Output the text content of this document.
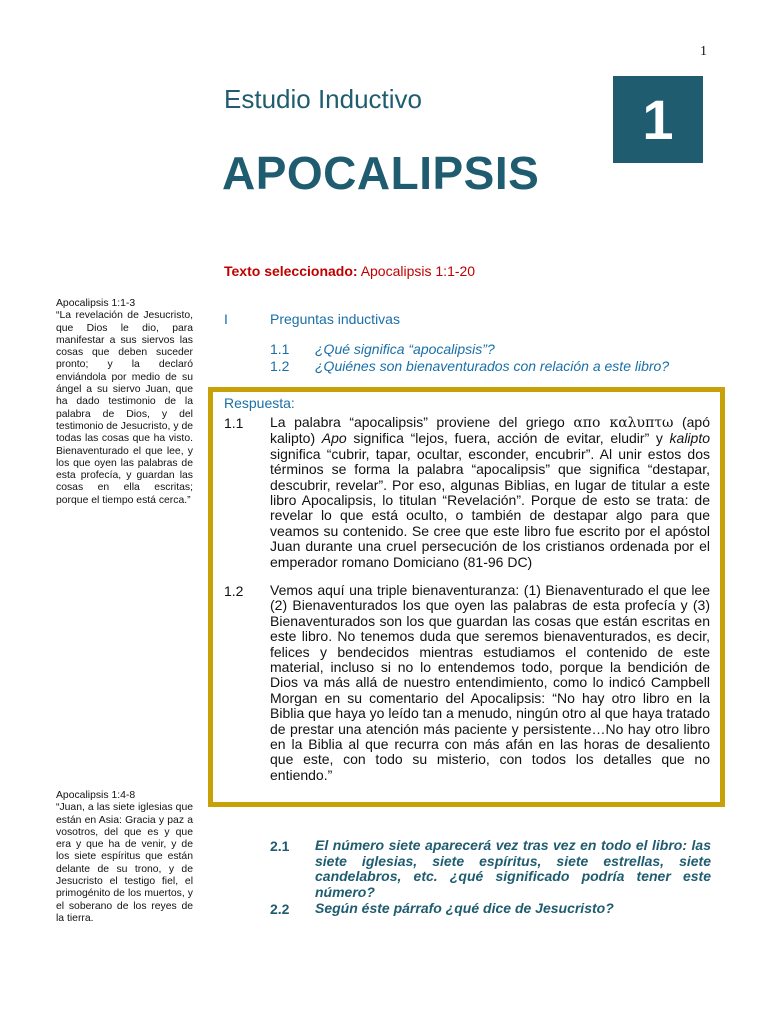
1
Estudio Inductivo
APOCALIPSIS
1
Texto seleccionado: Apocalipsis 1:1-20
Apocalipsis 1:1-3
“La revelación de Jesucristo, que Dios le dio, para manifestar a sus siervos las cosas que deben suceder pronto; y la declaró enviándola por medio de su ángel a su siervo Juan, que ha dado testimonio de la palabra de Dios, y del testimonio de Jesucristo, y de todas las cosas que ha visto. Bienaventurado el que lee, y los que oyen las palabras de esta profecía, y guardan las cosas en ella escritas; porque el tiempo está cerca.”
Apocalipsis 1:4-8
“Juan, a las siete iglesias que están en Asia: Gracia y paz a vosotros, del que es y que era y que ha de venir, y de los siete espíritus que están delante de su trono, y de Jesucristo el testigo fiel, el primogénito de los muertos, y el soberano de los reyes de la tierra.
I	Preguntas inductivas
1.1 ¿Qué significa “apocalipsis”?
1.2 ¿Quiénes son bienaventurados con relación a este libro?
Respuesta:
1.1 La palabra “apocalipsis” proviene del griego απο καλυπτω (apó kalipto) Apo significa “lejos, fuera, acción de evitar, eludir” y kalipto significa “cubrir, tapar, ocultar, esconder, encubrir”. Al unir estos dos términos se forma la palabra “apocalipsis” que significa “destapar, descubrir, revelar”. Por eso, algunas Biblias, en lugar de titular a este libro Apocalipsis, lo titulan “Revelación”. Porque de esto se trata: de revelar lo que está oculto, o también de destapar algo para que veamos su contenido. Se cree que este libro fue escrito por el apóstol Juan durante una cruel persecución de los cristianos ordenada por el emperador romano Domiciano (81-96 DC)
1.2 Vemos aquí una triple bienaventuranza: (1) Bienaventurado el que lee (2) Bienaventurados los que oyen las palabras de esta profecía y (3) Bienaventurados son los que guardan las cosas que están escritas en este libro. No tenemos duda que seremos bienaventurados, es decir, felices y bendecidos mientras estudiamos el contenido de este material, incluso si no lo entendemos todo, porque la bendición de Dios va más allá de nuestro entendimiento, como lo indicó Campbell Morgan en su comentario del Apocalipsis: “No hay otro libro en la Biblia que haya yo leído tan a menudo, ningún otro al que haya tratado de prestar una atención más paciente y persistente…No hay otro libro en la Biblia al que recurra con más afán en las horas de desaliento que este, con todo su misterio, con todos los detalles que no entiendo.”
2.1 El número siete aparecerá vez tras vez en todo el libro: las siete iglesias, siete espíritus, siete estrellas, siete candelabros, etc. ¿qué significado podría tener este número?
2.2 Según éste párrafo ¿qué dice de Jesucristo?
